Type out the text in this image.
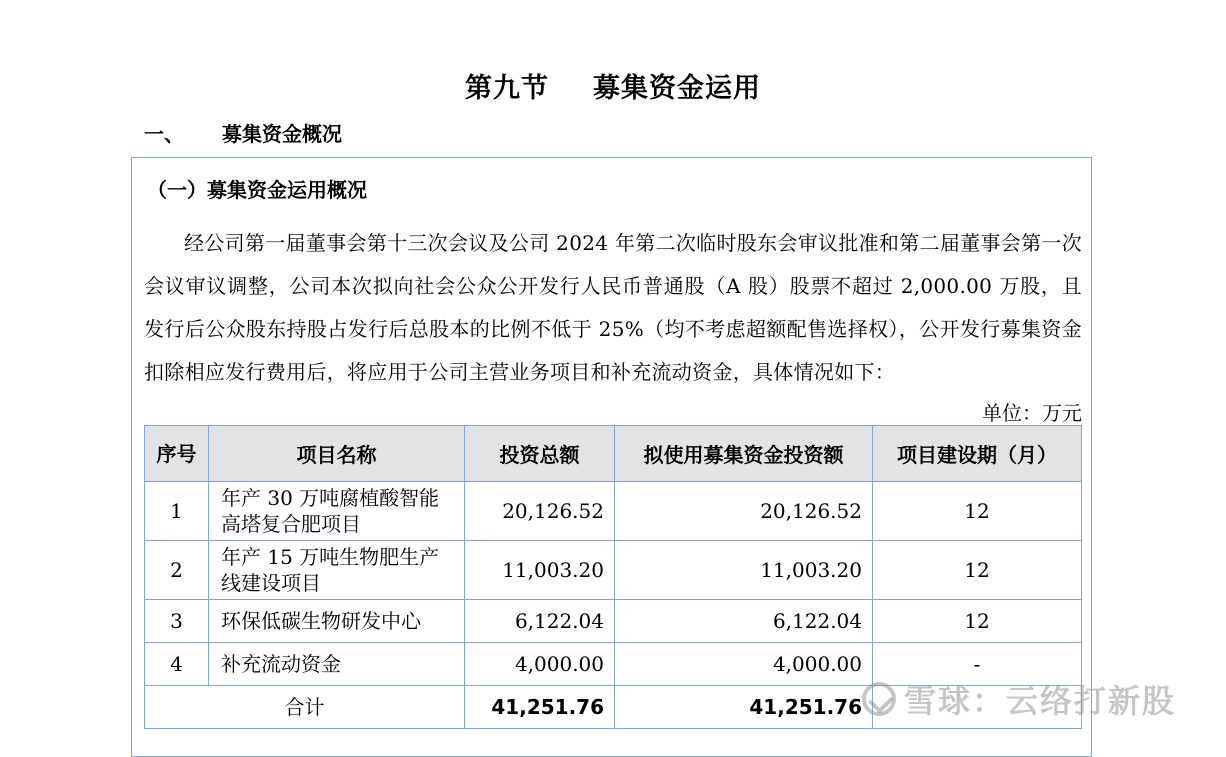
第九节 募集资金运用
一、 募集资金概况
（一）募集资金运用概况

经公司第一届董事会第十三次会议及公司 2024 年第二次临时股东会审议批准和第二届董事会第一次会议审议调整，公司本次拟向社会公众公开发行人民币普通股（A 股）股票不超过 2,000.00 万股，且发行后公众股东持股占发行后总股本的比例不低于 25%（均不考虑超额配售选择权），公开发行募集资金扣除相应发行费用后，将应用于公司主营业务项目和补充流动资金，具体情况如下：

单位：万元

序号	项目名称	投资总额	拟使用募集资金投资额	项目建设期（月）
1	年产 30 万吨腐植酸智能高塔复合肥项目	20,126.52	20,126.52	12
2	年产 15 万吨生物肥生产线建设项目	11,003.20	11,003.20	12
3	环保低碳生物研发中心	6,122.04	6,122.04	12
4	补充流动资金	4,000.00	4,000.00	-
合计		41,251.76	41,251.76		雪球：云络打新股
